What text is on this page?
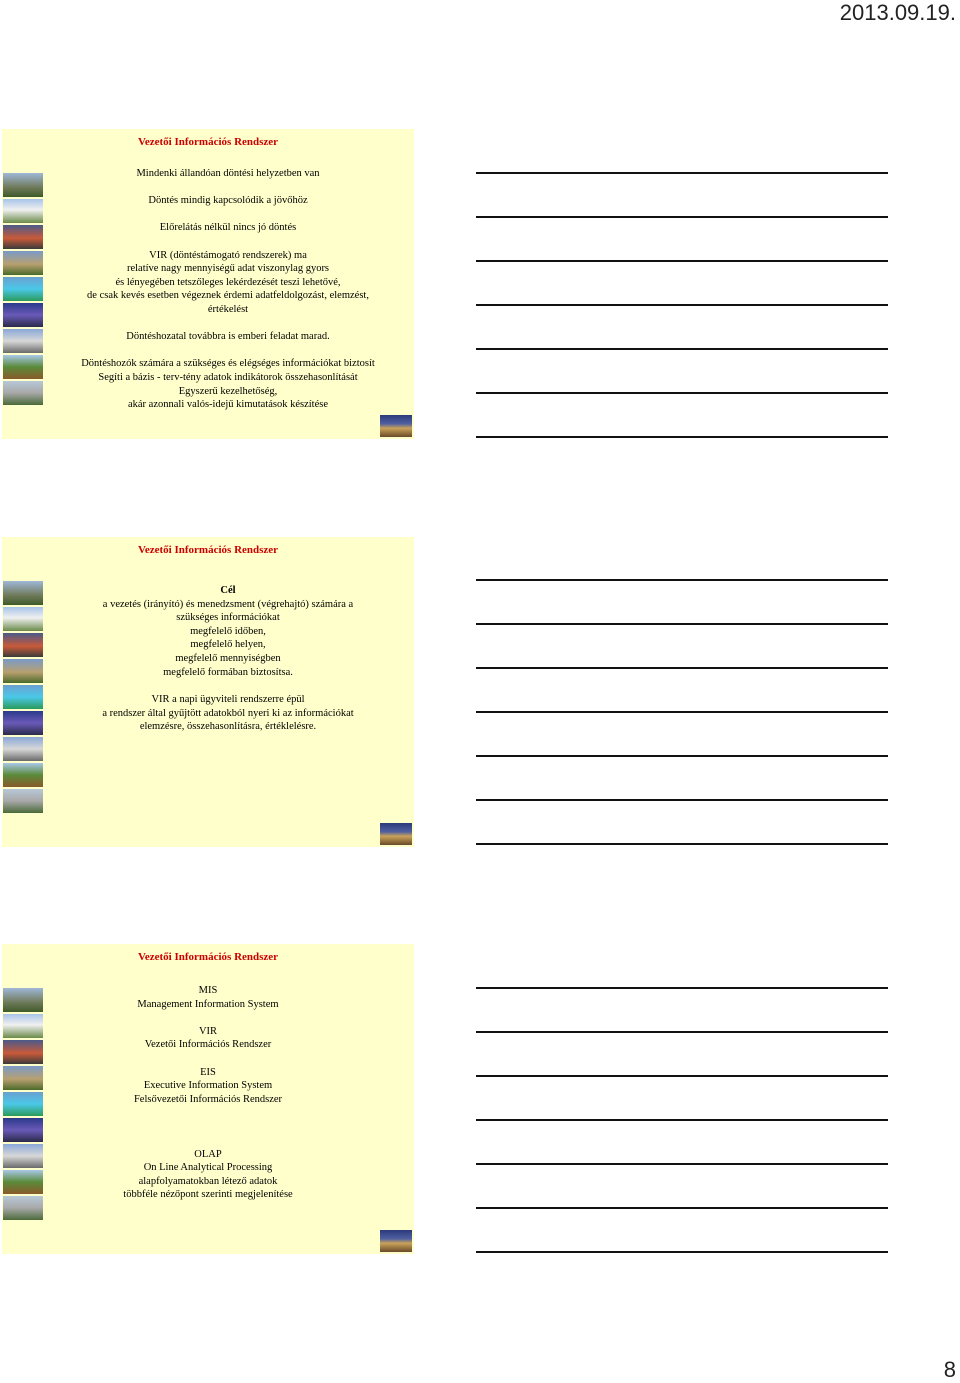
2013.09.19.
Vezetői Információs Rendszer
Mindenki állandóan döntési helyzetben van
Döntés mindig kapcsolódik a jövőhöz
Előrelátás nélkül nincs jó döntés
VIR (döntéstámogató rendszerek) ma
relatíve nagy mennyiségű adat viszonylag gyors
és lényegében tetszőleges lekérdezését teszi lehetővé,
de csak kevés esetben végeznek érdemi adatfeldolgozást, elemzést,
értékelést
Döntéshozatal továbbra is emberi feladat marad.
Döntéshozók számára a szükséges és elégséges információkat biztosít
Segíti a bázis - terv-tény adatok indikátorok összehasonlítását
Egyszerű kezelhetőség,
akár azonnali valós-idejű kimutatások készítése
Vezetői Információs Rendszer
Cél
a vezetés (irányító) és menedzsment (végrehajtó) számára a
szükséges információkat
megfelelő időben,
megfelelő helyen,
megfelelő mennyiségben
megfelelő formában biztosítsa.
VIR a napi ügyviteli rendszerre épül
a rendszer által gyűjtött adatokból nyeri ki az információkat
elemzésre, összehasonlításra, értéklelésre.
Vezetői Információs Rendszer
MIS
Management Information System
VIR
Vezetői Információs Rendszer
EIS
Executive Information System
Felsővezetői Információs Rendszer
OLAP
On Line Analytical Processing
alapfolyamatokban létező adatok
többféle nézőpont szerinti megjelenítése
8
